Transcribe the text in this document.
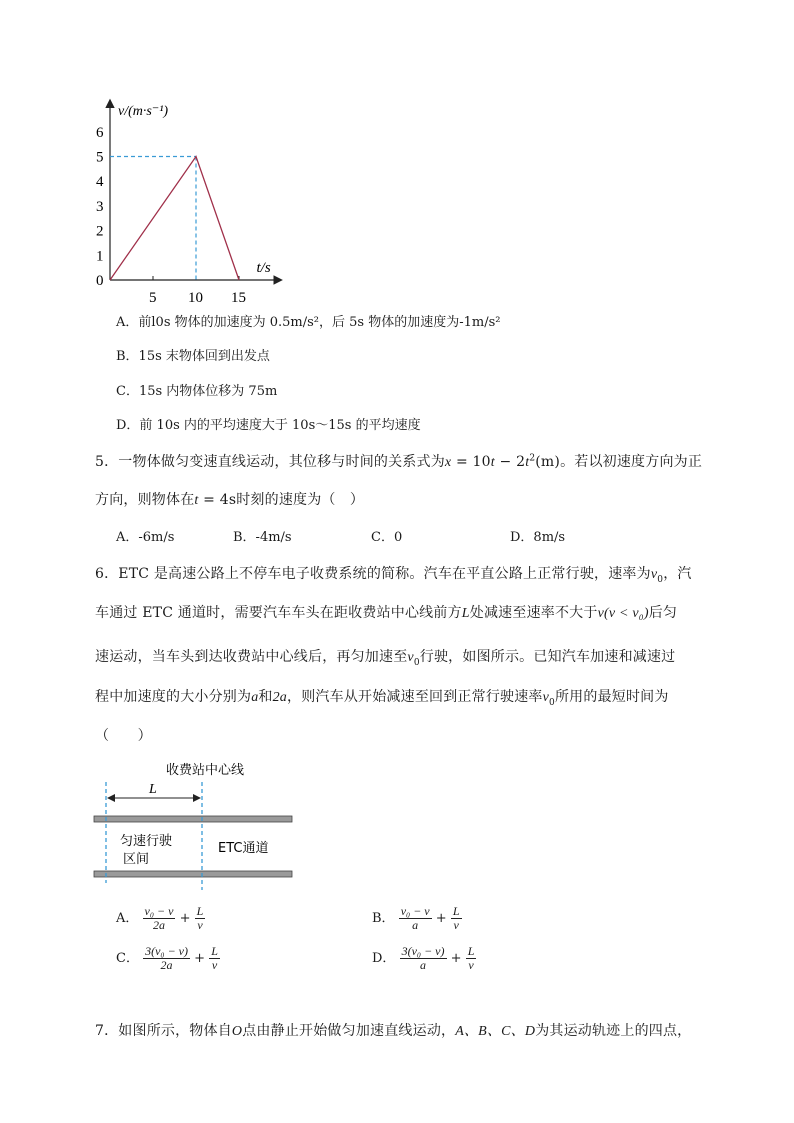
0
1
2
3
4
5
6
5 10 15
v/(m·s⁻¹)
t/s
A．前l0s 物体的加速度为 0.5m/s²，后 5s 物体的加速度为-1m/s²
B．15s 末物体回到出发点
C．15s 内物体位移为 75m
D．前 10s 内的平均速度大于 10s～15s 的平均速度
5．一物体做匀变速直线运动，其位移与时间的关系式为$x = 10t - 2t^2(m)$。若以初速度方向为正
方向，则物体在t = 4s时刻的速度为（　）
A．-6m/s	B．-4m/s	C．0	D．8m/s
6．ETC 是高速公路上不停车电子收费系统的简称。汽车在平直公路上正常行驶，速率为$v_0$，汽
车通过 ETC 通道时，需要汽车车头在距收费站中心线前方L处减速至速率不大于v(v < v₀)后匀
速运动，当车头到达收费站中心线后，再匀加速至$v_0$行驶，如图所示。已知汽车加速和减速过
程中加速度的大小分别为a和2a，则汽车从开始减速至回到正常行驶速率$v_0$所用的最短时间为
（　　）
收费站中心线
L
匀速行驶
区间
ETC通道
A． $\frac{\text{v₀ − v}}{2a} + \frac{L}{v}$	B． $\frac{\text{v₀ − v}}{a} + \frac{L}{v}$
C． $\frac{\text{3(v₀ − v)}}{2a} + \frac{L}{v}$	D． $\frac{\text{3(v₀ − v)}}{a} + \frac{L}{v}$
7．如图所示，物体自O点由静止开始做匀加速直线运动，A、B、C、D为其运动轨迹上的四点，
